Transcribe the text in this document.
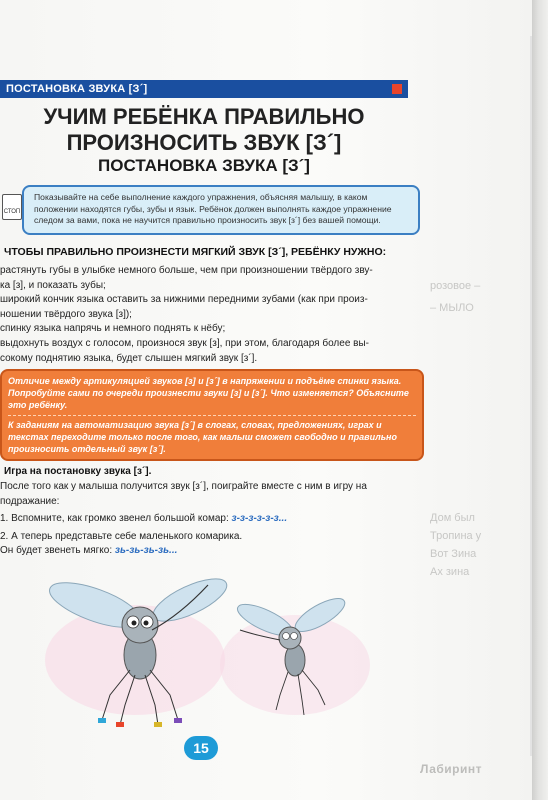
ПОСТАНОВКА ЗВУКА [З´]
УЧИМ РЕБЁНКА ПРАВИЛЬНО ПРОИЗНОСИТЬ ЗВУК [З´]
ПОСТАНОВКА ЗВУКА [З´]
СТОП
Показывайте на себе выполнение каждого упражнения, объясняя малышу, в каком положении находятся губы, зубы и язык. Ребёнок должен выполнять каждое упражнение следом за вами, пока не научится правильно произносить звук [з´] без вашей помощи.
ЧТОБЫ ПРАВИЛЬНО ПРОИЗНЕСТИ МЯГКИЙ ЗВУК [З´], РЕБЁНКУ НУЖНО:
растянуть губы в улыбке немного больше, чем при произношении твёрдого зву-
ка [з], и показать зубы;
широкий кончик языка оставить за нижними передними зубами (как при произ-
ношении твёрдого звука [з]);
спинку языка напрячь и немного поднять к нёбу;
выдохнуть воздух с голосом, произнося звук [з], при этом, благодаря более вы-
сокому поднятию языка, будет слышен мягкий звук [з´].
Отличие между артикуляцией звуков [з] и [з´] в напряжении и подъёме спинки языка. Попробуйте сами по очереди произнести звуки [з] и [з´]. Что изменяется? Объясните это ребёнку.
К заданиям на автоматизацию звука [з´] в слогах, словах, предложениях, играх и текстах переходите только после того, как малыш сможет свободно и правильно произносить отдельный звук [з´].
Игра на постановку звука [з´].
После того как у малыша получится звук [з´], поиграйте вместе с ним в игру на
подражание:
1. Вспомните, как громко звенел большой комар: з-з-з-з-з-з...
2. А теперь представьте себе маленького комарика.
Он будет звенеть мягко: зь-зь-зь-зь...
розовое –
– МЫЛО
Дом был
Тропина у
Вот Зина
Ах зина
15
Лабиринт
